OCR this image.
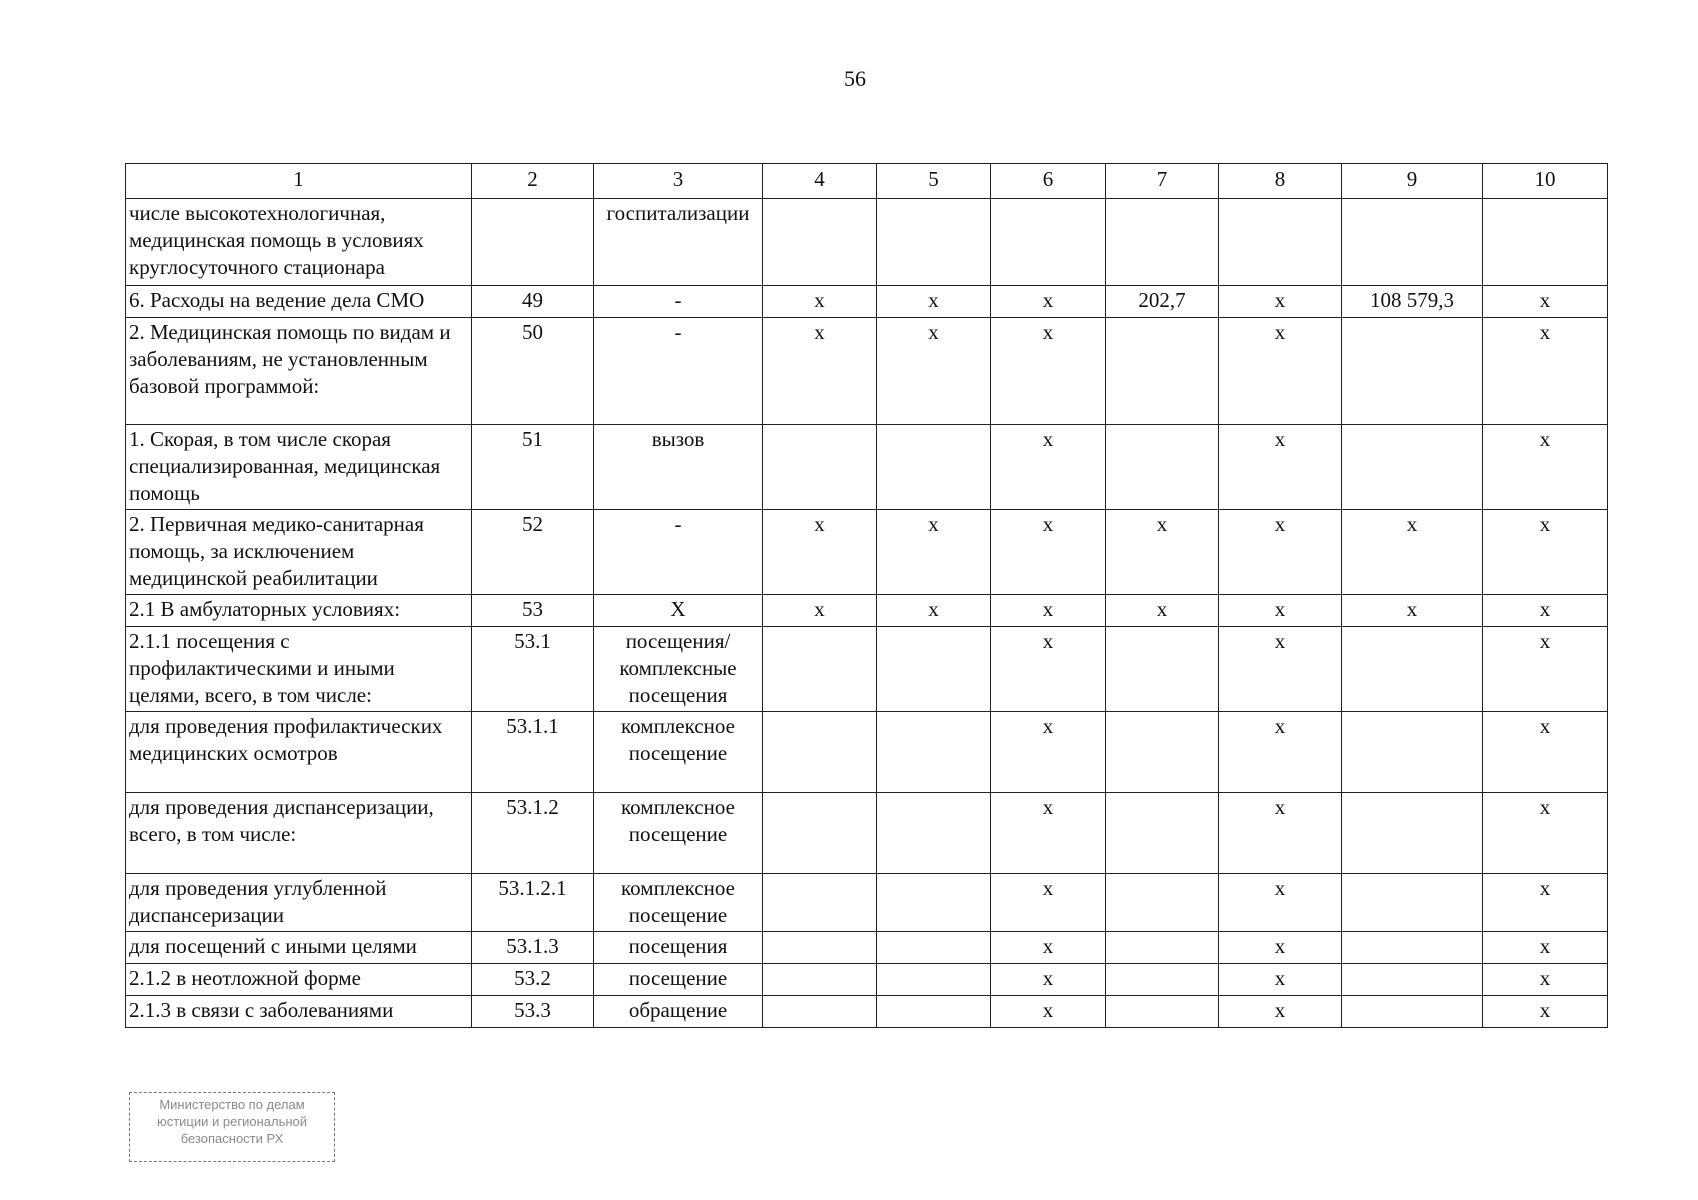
56
1	2	3	4	5	6	7	8	9	10
числе высокотехнологичная, медицинская помощь в условиях круглосуточного стационара		госпитализации							
6. Расходы на ведение дела СМО	49	-	х	х	х	202,7	х	108 579,3	х
2. Медицинская помощь по видам и заболеваниям, не установленным базовой программой:	50	-	х	х	х		х		х
1. Скорая, в том числе скорая специализированная, медицинская помощь	51	вызов			х		х		х
2. Первичная медико-санитарная помощь, за исключением медицинской реабилитации	52	-	х	х	х	х	х	х	х
2.1 В амбулаторных условиях:	53	Х	х	х	х	х	х	х	х
2.1.1 посещения с профилактическими и иными целями, всего, в том числе:	53.1	посещения/комплексные посещения			х		х		х
для проведения профилактических медицинских осмотров	53.1.1	комплексное посещение			х		х		х
для проведения диспансеризации, всего, в том числе:	53.1.2	комплексное посещение			х		х		х
для проведения углубленной диспансеризации	53.1.2.1	комплексное посещение			х		х		х
для посещений с иными целями	53.1.3	посещения			х		х		х
2.1.2 в неотложной форме	53.2	посещение			х		х		х
2.1.3 в связи с заболеваниями	53.3	обращение			х		х		х
Министерство по делам
юстиции и региональной
безопасности РХ
